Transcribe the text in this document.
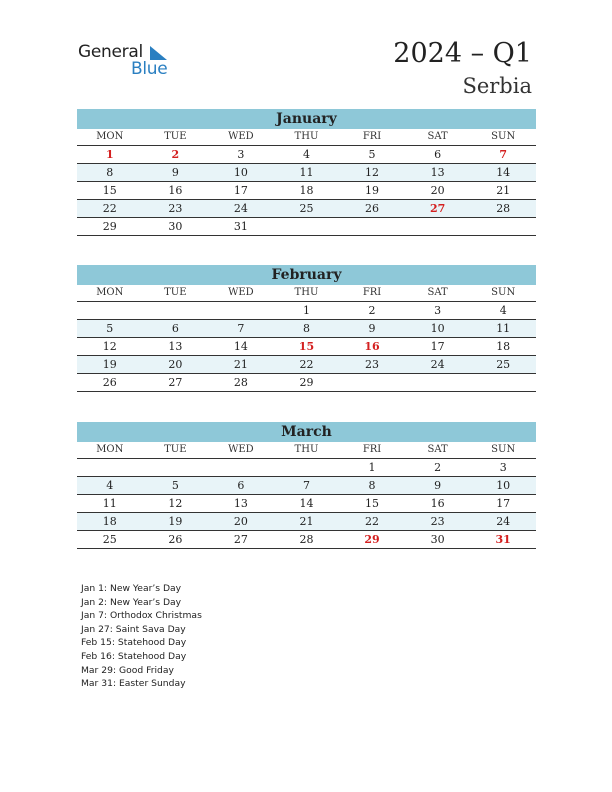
General
Blue	2024 – Q1
Serbia
January
MON	TUE	WED	THU	FRI	SAT	SUN
1	2	3	4	5	6	7
8	9	10	11	12	13	14
15	16	17	18	19	20	21
22	23	24	25	26	27	28
29	30	31				
February
MON	TUE	WED	THU	FRI	SAT	SUN
			1	2	3	4
5	6	7	8	9	10	11
12	13	14	15	16	17	18
19	20	21	22	23	24	25
26	27	28	29			
March
MON	TUE	WED	THU	FRI	SAT	SUN
				1	2	3
4	5	6	7	8	9	10
11	12	13	14	15	16	17
18	19	20	21	22	23	24
25	26	27	28	29	30	31
Jan 1: New Year’s Day
Jan 2: New Year’s Day
Jan 7: Orthodox Christmas
Jan 27: Saint Sava Day
Feb 15: Statehood Day
Feb 16: Statehood Day
Mar 29: Good Friday
Mar 31: Easter Sunday
